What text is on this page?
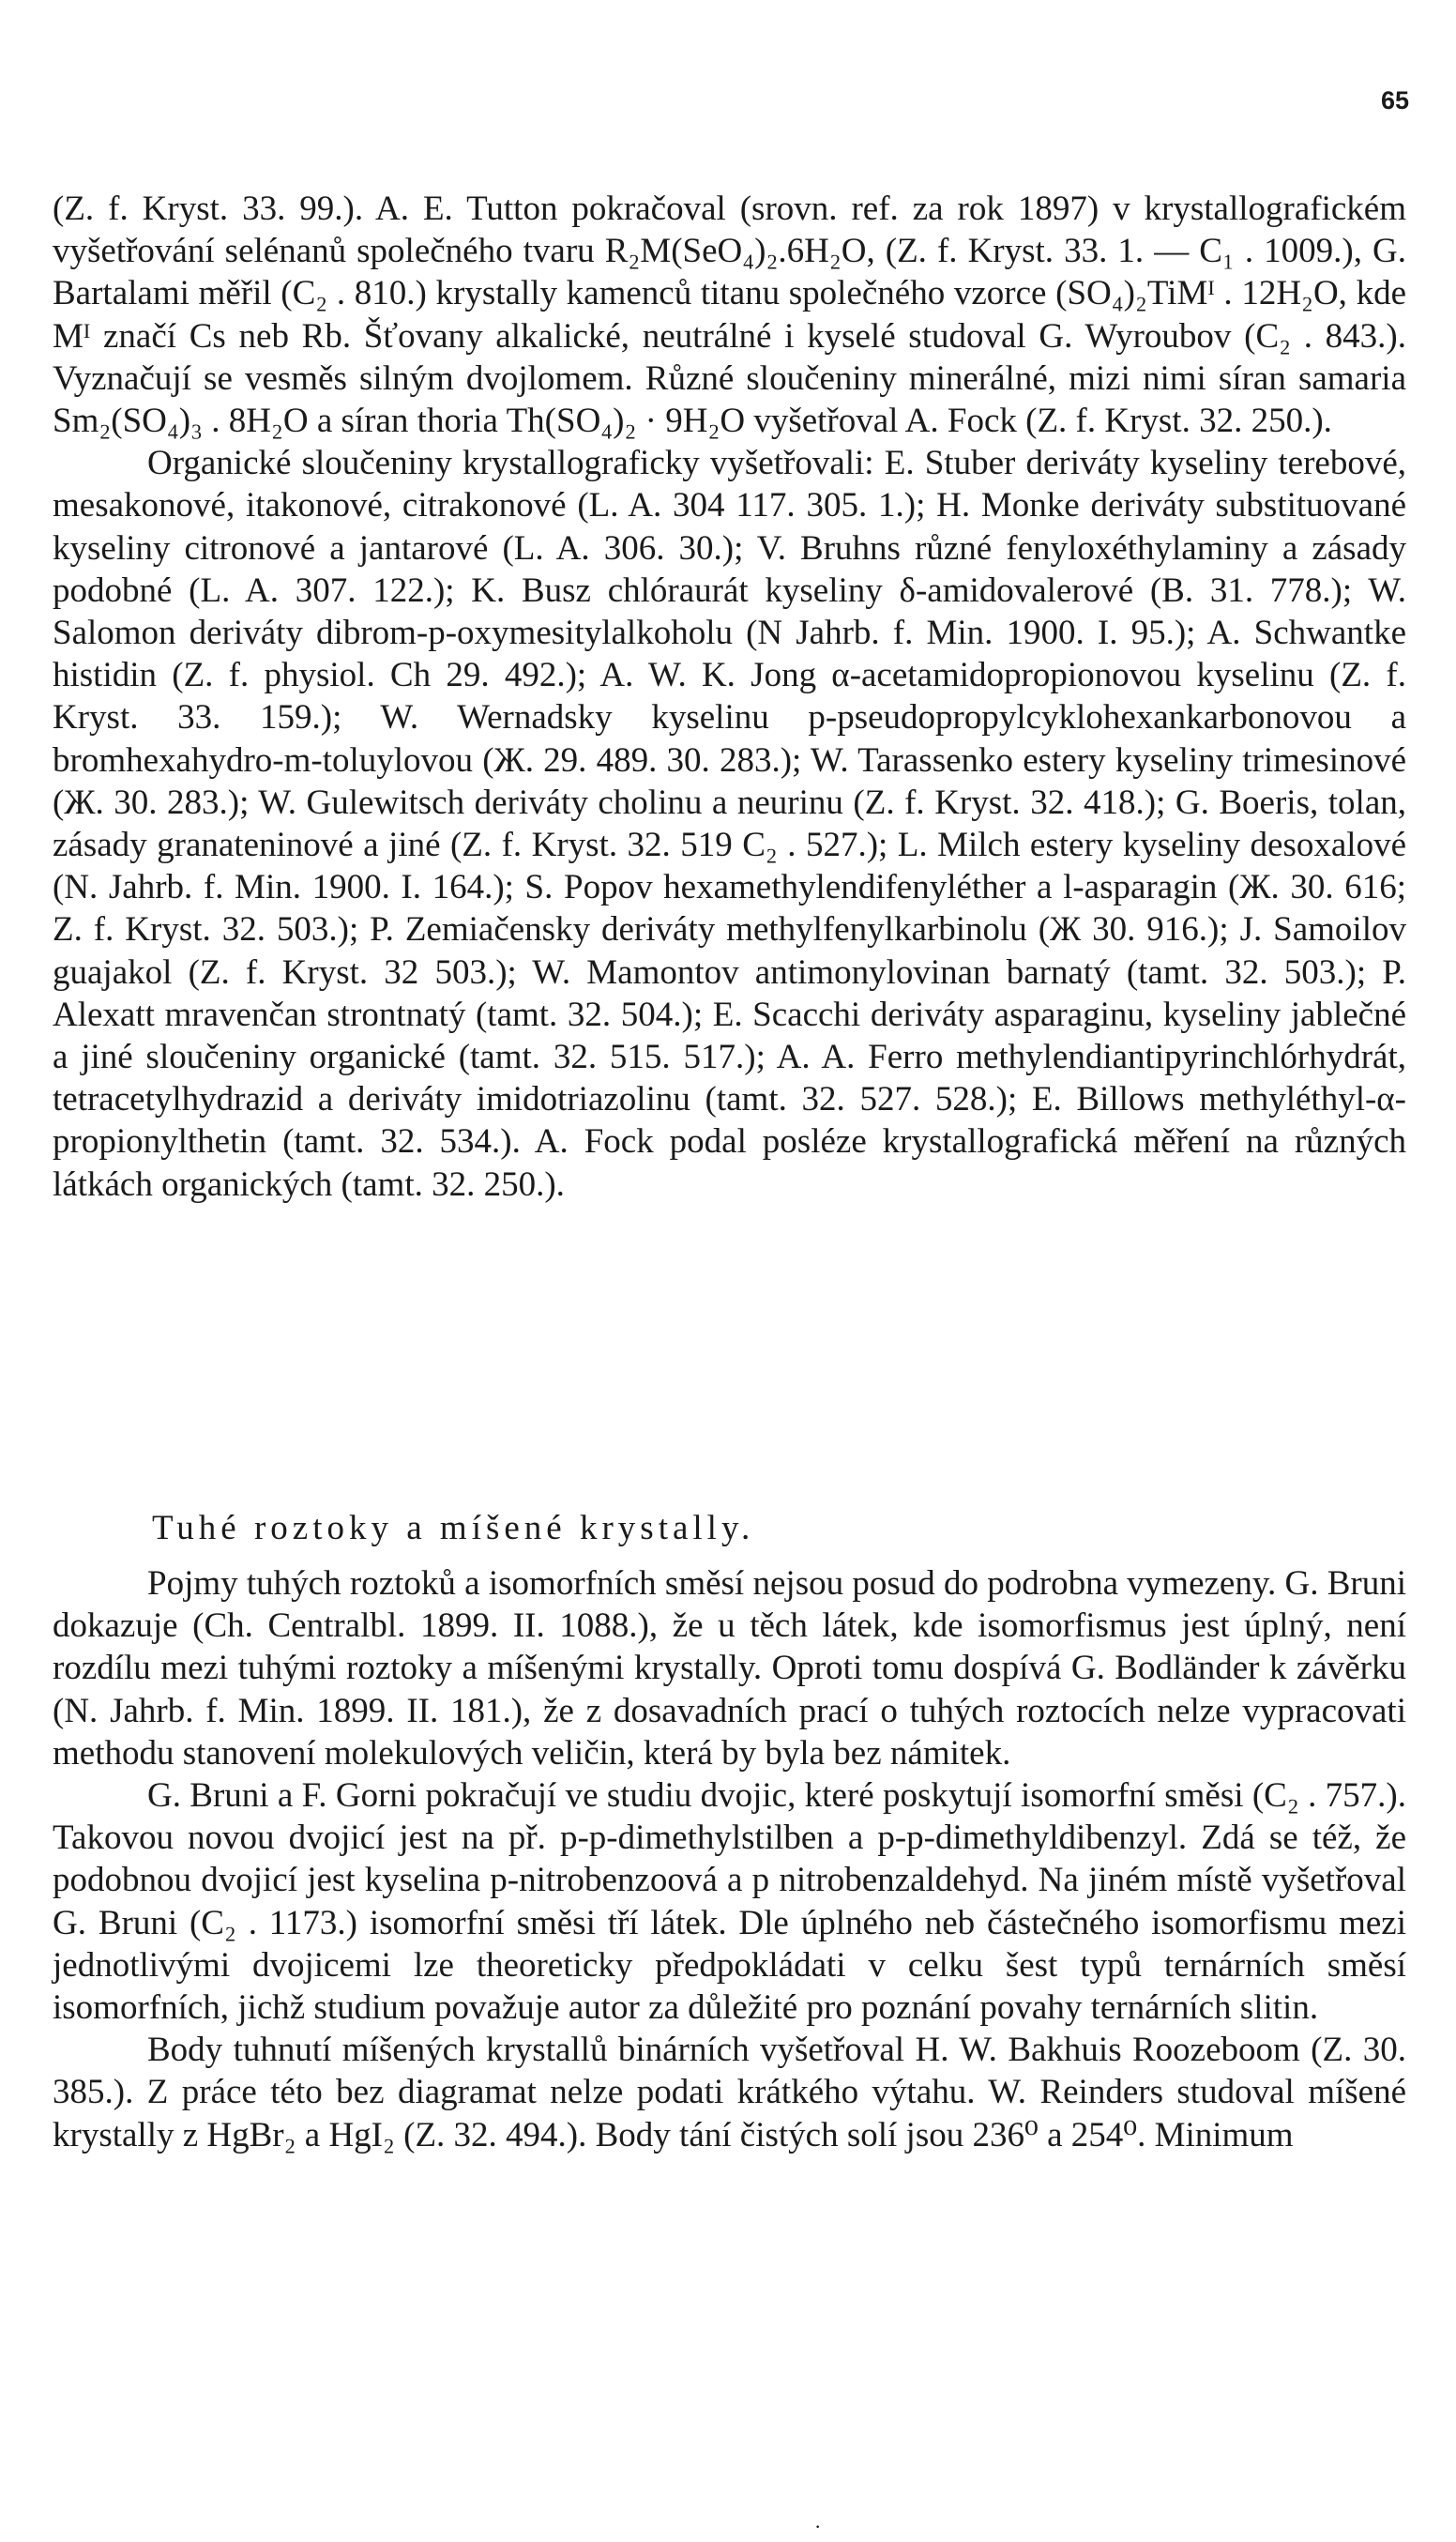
65

(Z. f. Kryst. 33. 99.). A. E. Tutton pokračoval (srovn. ref. za rok 1897) v krystallografickém vyšetřování selénanů společného tvaru R₂M(SeO₄)₂.6H₂O, (Z. f. Kryst. 33. 1. — C₁ . 1009.), G. Bartalami měřil (C₂ . 810.) krystally kamenců titanu společného vzorce (SO₄)₂TiMᴵ . 12H₂O, kde Mᴵ značí Cs neb Rb. Šťovany alkalické, neutrálné i kyselé studoval G. Wyroubov (C₂ . 843.). Vyznačují se vesměs silným dvojlomem. Různé sloučeniny minerálné, mizi nimi síran samaria Sm₂(SO₄)₃ . 8H₂O a síran thoria Th(SO₄)₂ · 9H₂O vyšetřoval A. Fock (Z. f. Kryst. 32. 250.).

Organické sloučeniny krystallograficky vyšetřovali: E. Stuber deriváty kyseliny terebové, mesakonové, itakonové, citrakonové (L. A. 304 117. 305. 1.); H. Monke deriváty substituované kyseliny citronové a jantarové (L. A. 306. 30.); V. Bruhns různé fenyloxéthylaminy a zásady podobné (L. A. 307. 122.); K. Busz chlóraurát kyseliny δ-amidovalerové (B. 31. 778.); W. Salomon deriváty dibrom-p-oxymesitylalkoholu (N Jahrb. f. Min. 1900. I. 95.); A. Schwantke histidin (Z. f. physiol. Ch 29. 492.); A. W. K. Jong α-acetamidopropionovou kyselinu (Z. f. Kryst. 33. 159.); W. Wernadsky kyselinu p-pseudopropylcyklohexankarbonovou a bromhexahydro-m-toluylovou (Ж. 29. 489. 30. 283.); W. Tarassenko estery kyseliny trimesinové (Ж. 30. 283.); W. Gulewitsch deriváty cholinu a neurinu (Z. f. Kryst. 32. 418.); G. Boeris, tolan, zásady granateninové a jiné (Z. f. Kryst. 32. 519 C₂ . 527.); L. Milch estery kyseliny desoxalové (N. Jahrb. f. Min. 1900. I. 164.); S. Popov hexamethylendifenyléther a l-asparagin (Ж. 30. 616; Z. f. Kryst. 32. 503.); P. Zemiačensky deriváty methylfenylkarbinolu (Ж 30. 916.); J. Samoilov guajakol (Z. f. Kryst. 32 503.); W. Mamontov antimonylovinan barnatý (tamt. 32. 503.); P. Alexatt mravenčan strontnatý (tamt. 32. 504.); E. Scacchi deriváty asparaginu, kyseliny jablečné a jiné sloučeniny organické (tamt. 32. 515. 517.); A. A. Ferro methylendiantipyrinchlórhydrát, tetracetylhydrazid a deriváty imidotriazolinu (tamt. 32. 527. 528.); E. Billows methyléthyl-α-propionylthetin (tamt. 32. 534.). A. Fock podal posléze krystallografická měření na různých látkách organických (tamt. 32. 250.).

Tuhé roztoky a míšené krystally.

Pojmy tuhých roztoků a isomorfních směsí nejsou posud do podrobna vymezeny. G. Bruni dokazuje (Ch. Centralbl. 1899. II. 1088.), že u těch látek, kde isomorfismus jest úplný, není rozdílu mezi tuhými roztoky a míšenými krystally. Oproti tomu dospívá G. Bodländer k závěrku (N. Jahrb. f. Min. 1899. II. 181.), že z dosavadních prací o tuhých roztocích nelze vypracovati methodu stanovení molekulových veličin, která by byla bez námitek.

G. Bruni a F. Gorni pokračují ve studiu dvojic, které poskytují isomorfní směsi (C₂ . 757.). Takovou novou dvojicí jest na př. p-p-dimethylstilben a p-p-dimethyldibenzyl. Zdá se též, že podobnou dvojicí jest kyselina p-nitrobenzoová a p nitrobenzaldehyd. Na jiném místě vyšetřoval G. Bruni (C₂ . 1173.) isomorfní směsi tří látek. Dle úplného neb částečného isomorfismu mezi jednotlivými dvojicemi lze theoreticky předpokládati v celku šest typů ternárních směsí isomorfních, jichž studium považuje autor za důležité pro poznání povahy ternárních slitin.

Body tuhnutí míšených krystallů binárních vyšetřoval H. W. Bakhuis Roozeboom (Z. 30. 385.). Z práce této bez diagramat nelze podati krátkého výtahu. W. Reinders studoval míšené krystally z HgBr₂ a HgI₂ (Z. 32. 494.). Body tání čistých solí jsou 236⁰ a 254⁰. Minimum

·
